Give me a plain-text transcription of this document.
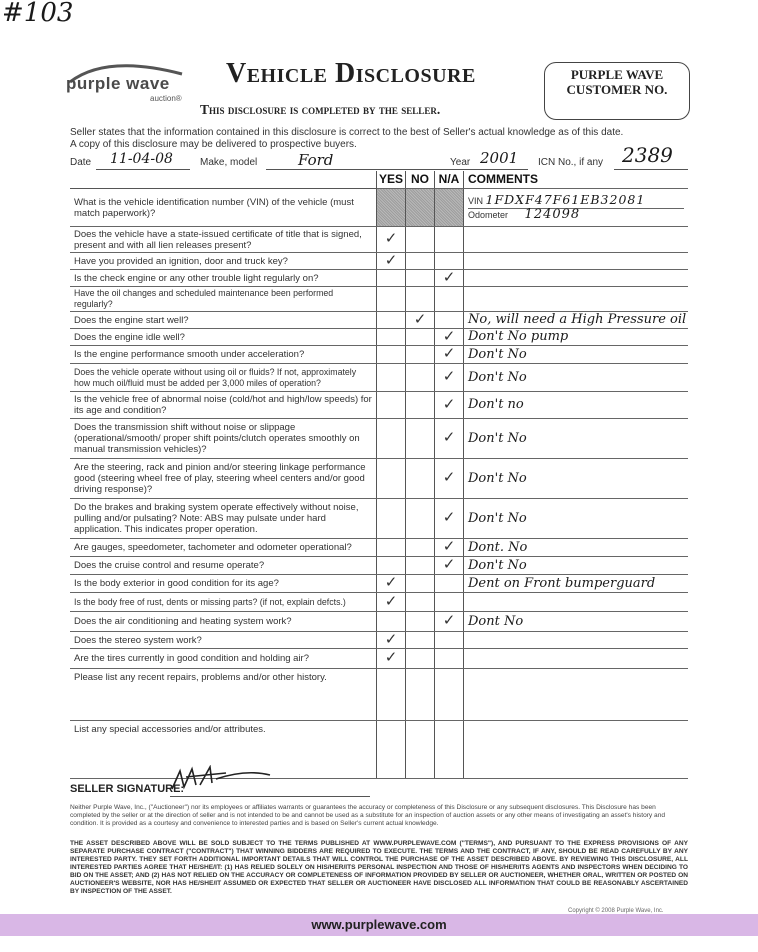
#103
purple wave
auction®
Vehicle Disclosure
This disclosure is completed by the seller.
PURPLE WAVE
CUSTOMER NO.
Seller states that the information contained in this disclosure is correct to the best of Seller's actual knowledge as of this date.
A copy of this disclosure may be delivered to prospective buyers.
Date 11-04-08	Make, model	Ford	Year 2001 ICN No., if any 2389
	YES	NO	N/A	COMMENTS
What is the vehicle identification number (VIN) of the vehicle (must match paperwork)?				VIN 1FDXF47F61EB32081
Odometer 124098

Does the vehicle have a state-issued certificate of title that is signed, present and with all lien releases present?	✓			
Have you provided an ignition, door and truck key?	✓			
Is the check engine or any other trouble light regularly on?			✓	
Have the oil changes and scheduled maintenance been performed regularly?				
Does the engine start well?		✓		No, will need a High Pressure oil
Does the engine idle well?			✓	Don't No pump
Is the engine performance smooth under acceleration?			✓	Don't No
Does the vehicle operate without using oil or fluids? If not, approximately how much oil/fluid must be added per 3,000 miles of operation?			✓	Don't No
Is the vehicle free of abnormal noise (cold/hot and high/low speeds) for its age and condition?			✓	Don't no
Does the transmission shift without noise or slippage (operational/smooth/ proper shift points/clutch operates smoothly on manual transmission vehicles)?			✓	Don't No
Are the steering, rack and pinion and/or steering linkage performance good (steering wheel free of play, steering wheel centers and/or good driving response)?			✓	Don't No
Do the brakes and braking system operate effectively without noise, pulling and/or pulsating? Note: ABS may pulsate under hard application. This indicates proper operation.			✓	Don't No
Are gauges, speedometer, tachometer and odometer operational?			✓	Dont. No
Does the cruise control and resume operate?			✓	Don't No
Is the body exterior in good condition for its age?	✓			Dent on Front bumperguard
Is the body free of rust, dents or missing parts? (if not, explain defcts.)	✓			
Does the air conditioning and heating system work?			✓	Dont No
Does the stereo system work?	✓			
Are the tires currently in good condition and holding air?	✓			
Please list any recent repairs, problems and/or other history.				
List any special accessories and/or attributes.				
SELLER SIGNATURE:
Neither Purple Wave, Inc., ("Auctioneer") nor its employees or affiliates warrants or guarantees the accuracy or completeness of this Disclosure or any subsequent disclosures. This Disclosure has been completed by the seller or at the direction of seller and is not intended to be and cannot be used as a substitute for an inspection of auction assets or any other means of investigating an asset's history and condition. It is provided as a courtesy and convenience to interested parties and is based on Seller's current actual knowledge.
THE ASSET DESCRIBED ABOVE WILL BE SOLD SUBJECT TO THE TERMS PUBLISHED AT WWW.PURPLEWAVE.COM ("TERMS"), AND PURSUANT TO THE EXPRESS PROVISIONS OF ANY SEPARATE PURCHASE CONTRACT ("CONTRACT") THAT WINNING BIDDERS ARE REQUIRED TO EXECUTE. THE TERMS AND THE CONTRACT, IF ANY, SHOULD BE READ CAREFULLY BY ANY INTERESTED PARTY. THEY SET FORTH ADDITIONAL IMPORTANT DETAILS THAT WILL CONTROL THE PURCHASE OF THE ASSET DESCRIBED ABOVE. BY REVIEWING THIS DISCLOSURE, ALL INTERESTED PARTIES AGREE THAT HE/SHE/IT: (1) HAS RELIED SOLELY ON HIS/HER/ITS PERSONAL INSPECTION AND THOSE OF HIS/HER/ITS AGENTS AND INSPECTORS WHEN DECIDING TO BID ON THE ASSET; AND (2) HAS NOT RELIED ON THE ACCURACY OR COMPLETENESS OF INFORMATION PROVIDED BY SELLER OR AUCTIONEER, WHETHER ORAL, WRITTEN OR POSTED ON AUCTIONEER'S WEBSITE, NOR HAS HE/SHE/IT ASSUMED OR EXPECTED THAT SELLER OR AUCTIONEER HAVE DISCLOSED ALL INFORMATION THAT COULD BE REASONABLY ASCERTAINED BY INSPECTION OF THE ASSET.
Copyright © 2008 Purple Wave, Inc.
www.purplewave.com
